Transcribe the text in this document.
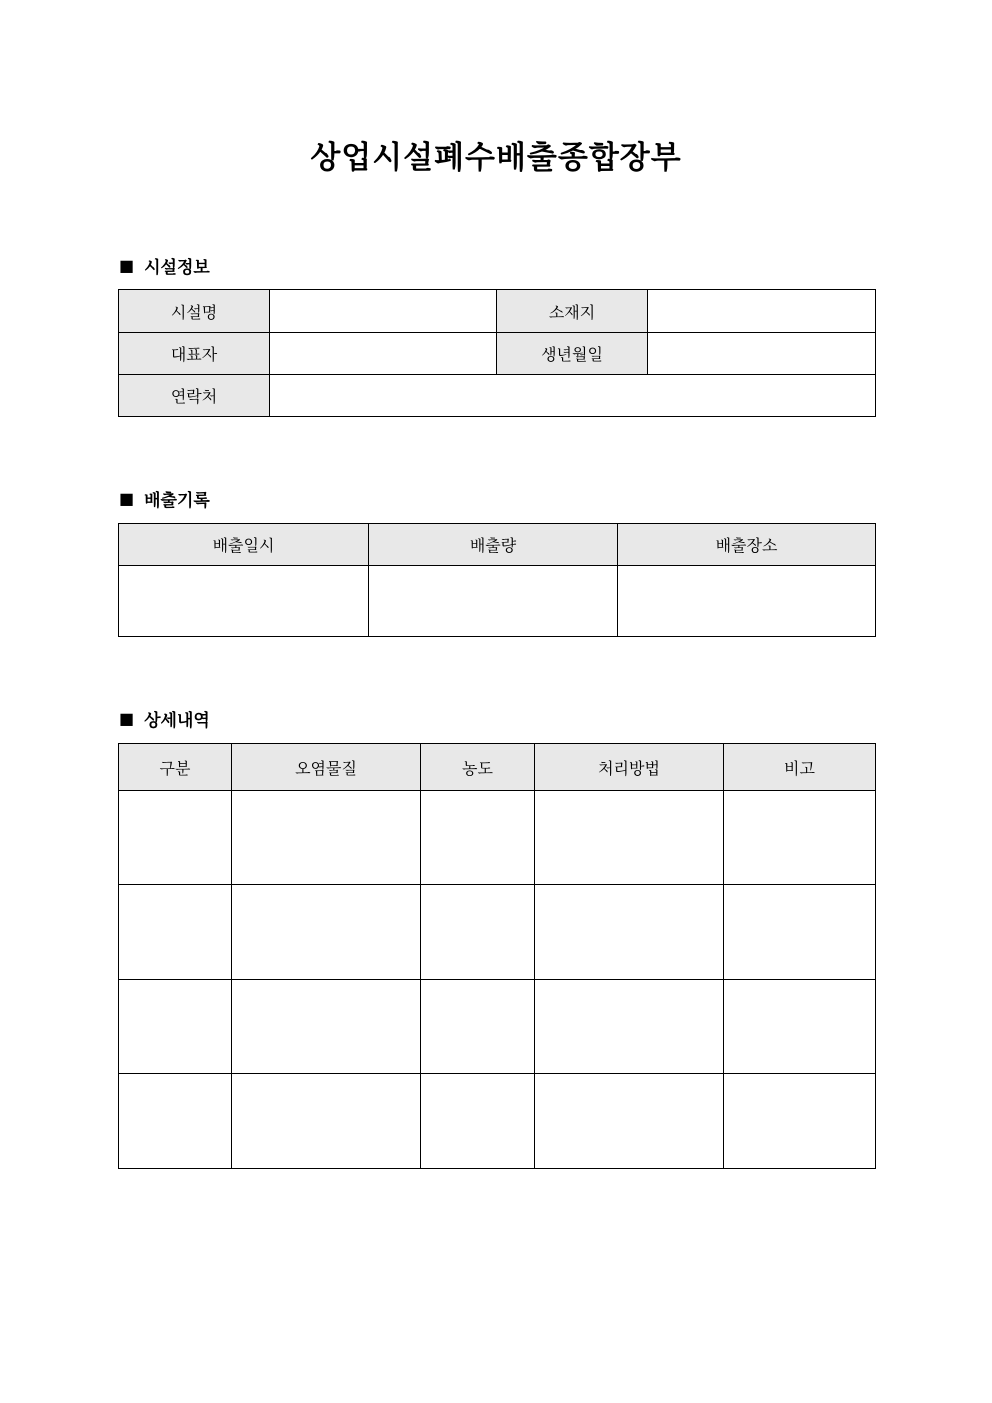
상업시설폐수배출종합장부
■ 시설정보
시설명		소재지	
대표자		생년월일	
연락처			
■ 배출기록
배출일시	배출량	배출장소

■ 상세내역
구분	오염물질	농도	처리방법	비고
